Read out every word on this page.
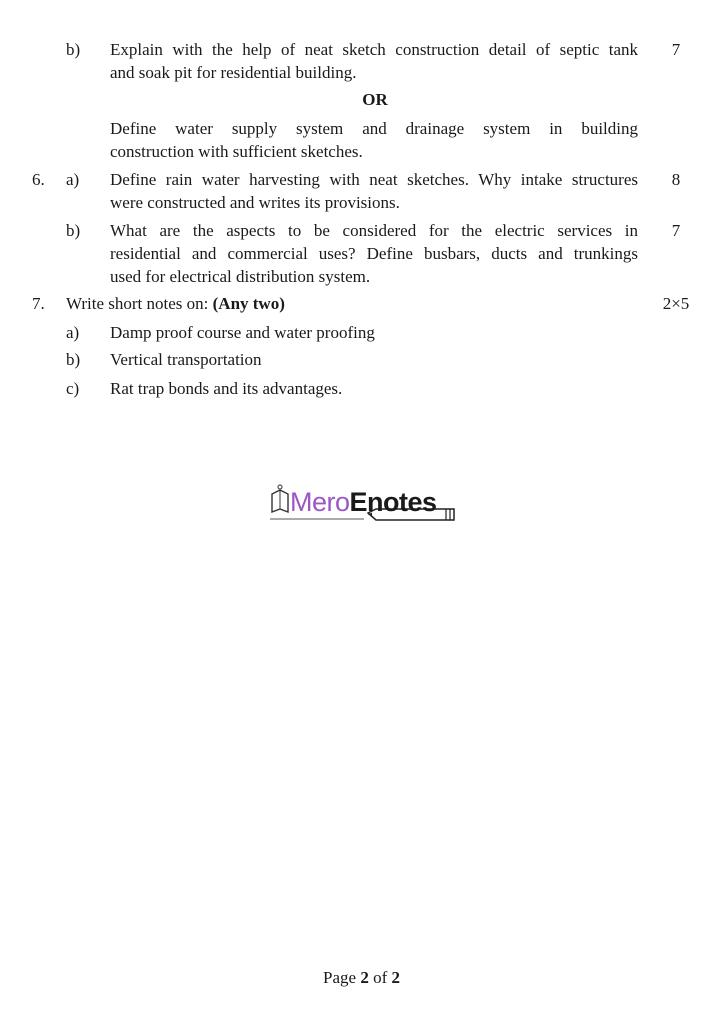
b) Explain with the help of neat sketch construction detail of septic tank
and soak pit for residential building.
7
OR
Define water supply system and drainage system in building
construction with sufficient sketches.
6. a) Define rain water harvesting with neat sketches. Why intake structures
were constructed and writes its provisions.
8
b) What are the aspects to be considered for the electric services in
residential and commercial uses? Define busbars, ducts and trunkings
used for electrical distribution system.
7
7. Write short notes on: (Any two)	2×5
a) Damp proof course and water proofing
b) Vertical transportation
c) Rat trap bonds and its advantages.
MeroEnotes
Page 2 of 2
